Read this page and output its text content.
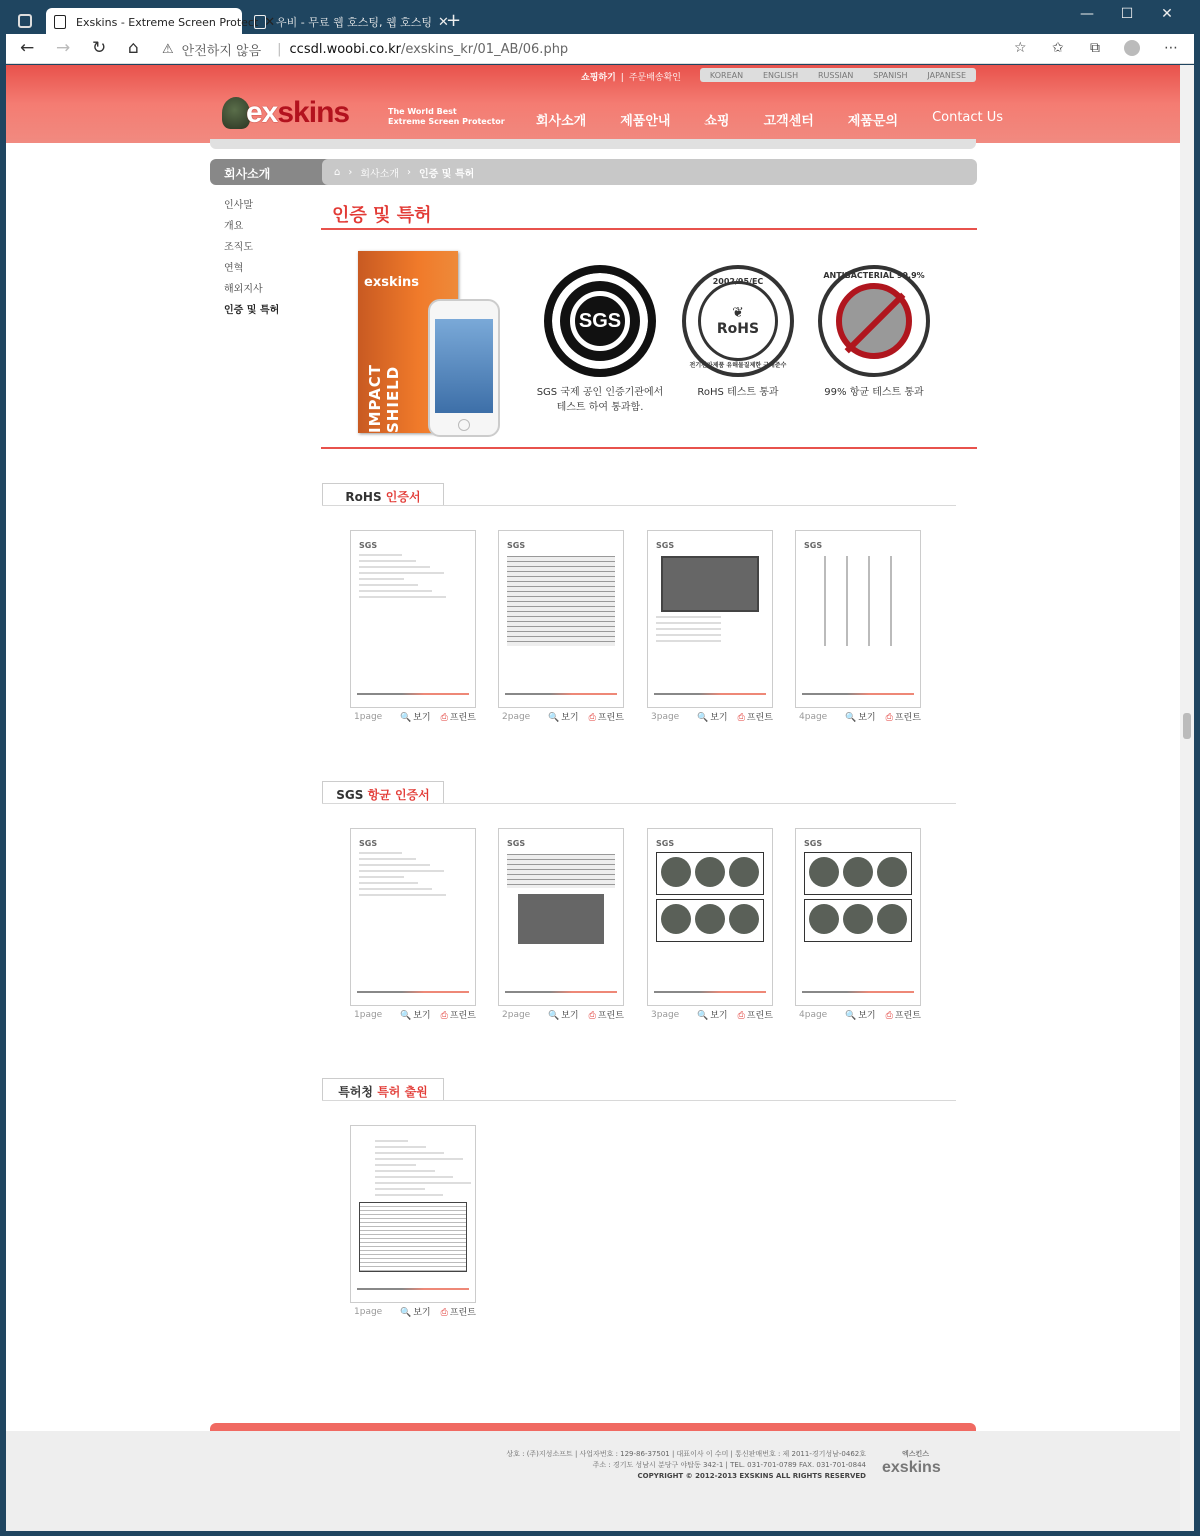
Exskins - Extreme Screen Protect ✕ 우비 - 무료 웹 호스팅, 웹 호스팅 ✕
+	—	☐	✕
← → ↻ ⌂ ⚠ 안전하지 않음 | ccsdl.woobi.co.kr /exskins_kr/01_AB/06.php	☆ ✩ ⧉	⋯
쇼핑하기 | 주문배송확인	KOREAN ENGLISH RUSSIAN SPANISH JAPANESE
exskins	The World Best
Extreme Screen Protector 회사소개	제품안내	쇼핑	고객센터	제품문의	Contact Us
회사소개	⌂ › 회사소개 › 인증 및 특허
인사말
개요
조직도
연혁
해외지사
인증 및 특허
인증 및 특허
exskins
IMPACT SHIELD
SGS
SGS 국제 공인 인증기관에서
테스트 하여 통과함.
2002/95/EC
❦
RoHS
전기전자제품 유해물질제한 규제준수
RoHS 테스트 통과
ANTIBACTERIAL 99.9%
99% 항균 테스트 통과
상호 : (주)지성소프트 | 사업자번호 : 129-86-37501 | 대표이사 이 수미 | 통신판매번호 : 제 2011-경기성남-0462호
주소 : 경기도 성남시 분당구 야탑동 342-1 | TEL. 031-701-0789 FAX. 031-701-0844
COPYRIGHT © 2012-2013 EXSKINS ALL RIGHTS RESERVED
엑스킨스
exskins
RoHS 인증서
SGS
1page	🔍 보기 ⎙ 프린트
SGS
2page	🔍 보기 ⎙ 프린트
SGS
3page	🔍 보기 ⎙ 프린트
SGS
4page	🔍 보기 ⎙ 프린트
SGS 항균 인증서
SGS
1page	🔍 보기 ⎙ 프린트
SGS
2page	🔍 보기 ⎙ 프린트
SGS
3page	🔍 보기 ⎙ 프린트
SGS
4page	🔍 보기 ⎙ 프린트
특허청 특허 출원
1page	🔍 보기 ⎙ 프린트
